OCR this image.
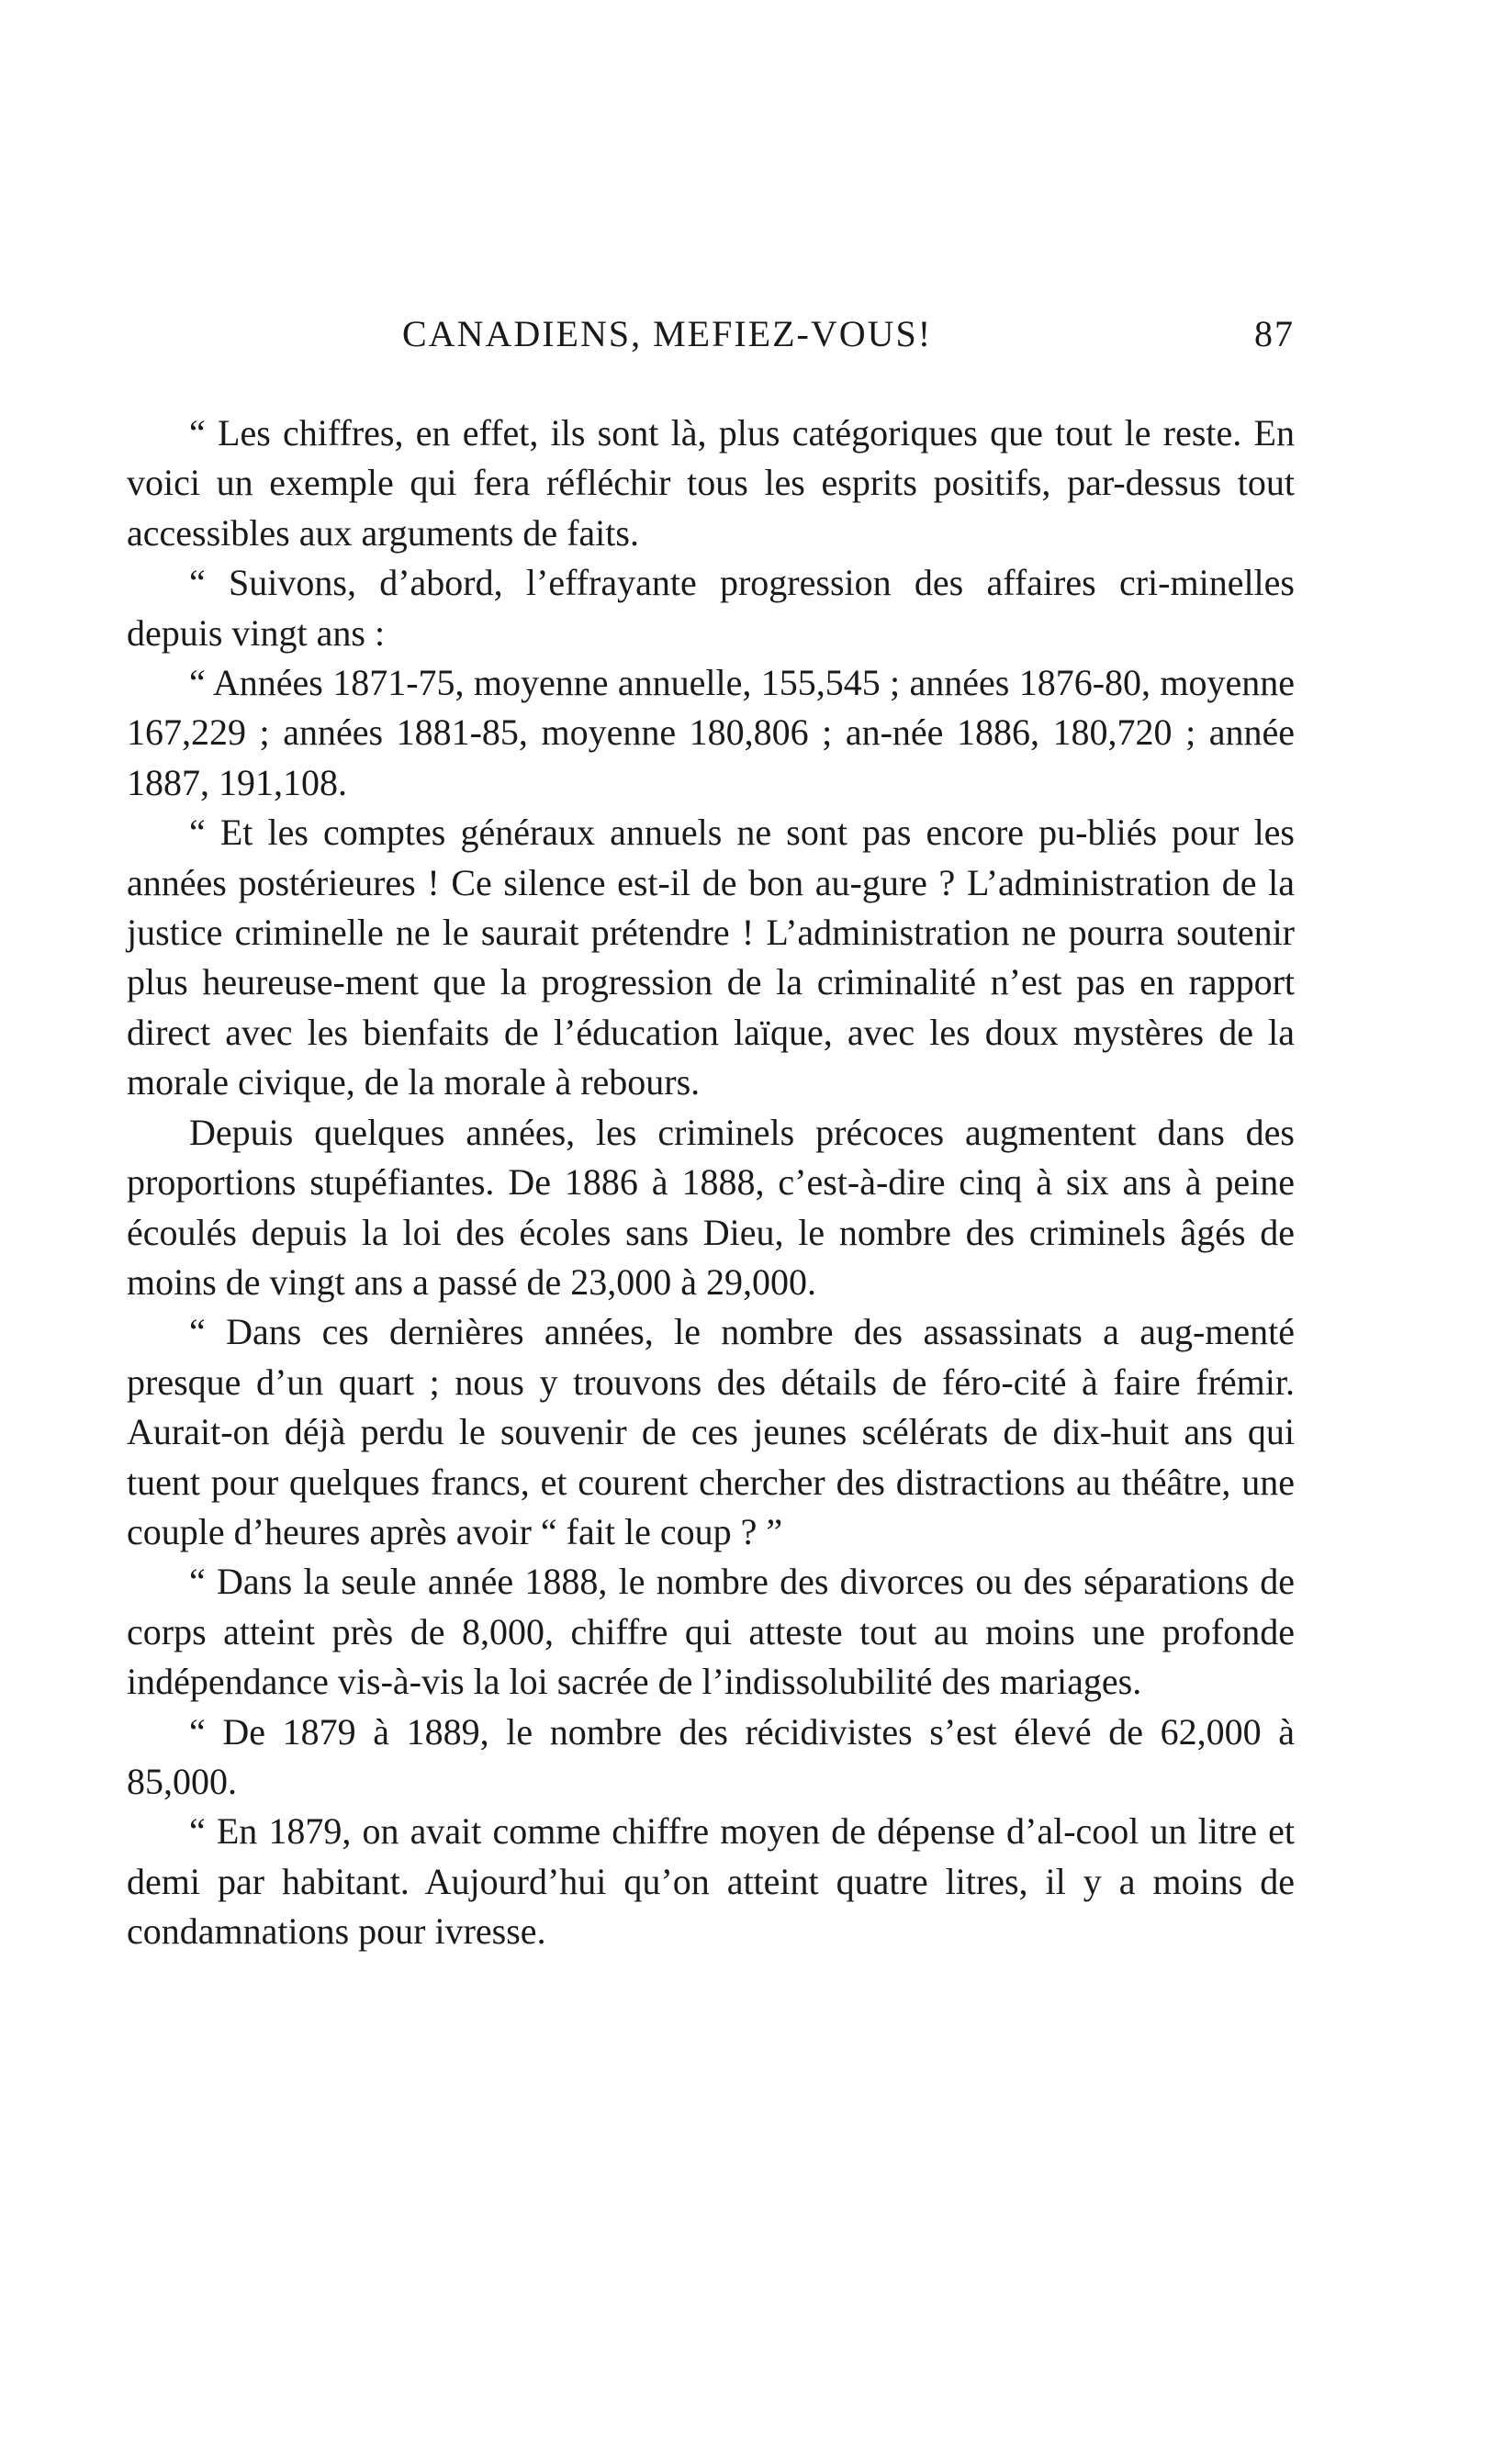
CANADIENS, MEFIEZ-VOUS!	87

“ Les chiffres, en effet, ils sont là, plus catégoriques que tout le reste. En voici un exemple qui fera réfléchir tous les esprits positifs, par-dessus tout accessibles aux arguments de faits.

“ Suivons, d’abord, l’effrayante progression des affaires cri-minelles depuis vingt ans :

“ Années 1871-75, moyenne annuelle, 155,545 ; années 1876-80, moyenne 167,229 ; années 1881-85, moyenne 180,806 ; an-née 1886, 180,720 ; année 1887, 191,108.

“ Et les comptes généraux annuels ne sont pas encore pu-bliés pour les années postérieures ! Ce silence est-il de bon au-gure ? L’administration de la justice criminelle ne le saurait prétendre ! L’administration ne pourra soutenir plus heureuse-ment que la progression de la criminalité n’est pas en rapport direct avec les bienfaits de l’éducation laïque, avec les doux mystères de la morale civique, de la morale à rebours.

Depuis quelques années, les criminels précoces augmentent dans des proportions stupéfiantes. De 1886 à 1888, c’est-à-dire cinq à six ans à peine écoulés depuis la loi des écoles sans Dieu, le nombre des criminels âgés de moins de vingt ans a passé de 23,000 à 29,000.

“ Dans ces dernières années, le nombre des assassinats a aug-menté presque d’un quart ; nous y trouvons des détails de féro-cité à faire frémir. Aurait-on déjà perdu le souvenir de ces jeunes scélérats de dix-huit ans qui tuent pour quelques francs, et courent chercher des distractions au théâtre, une couple d’heures après avoir “ fait le coup ? ”

“ Dans la seule année 1888, le nombre des divorces ou des séparations de corps atteint près de 8,000, chiffre qui atteste tout au moins une profonde indépendance vis-à-vis la loi sacrée de l’indissolubilité des mariages.

“ De 1879 à 1889, le nombre des récidivistes s’est élevé de 62,000 à 85,000.

“ En 1879, on avait comme chiffre moyen de dépense d’al-cool un litre et demi par habitant. Aujourd’hui qu’on atteint quatre litres, il y a moins de condamnations pour ivresse.
